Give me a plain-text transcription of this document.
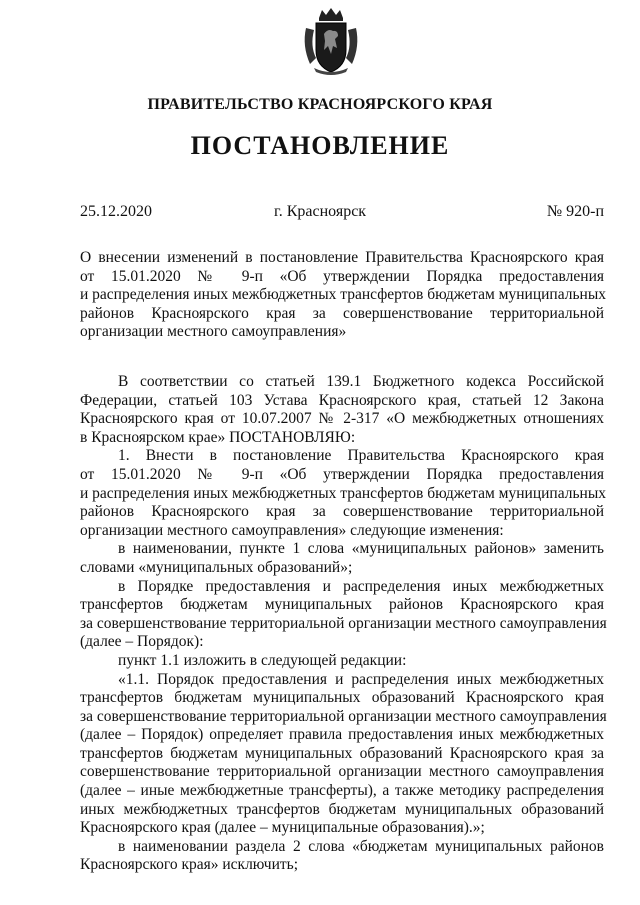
ПРАВИТЕЛЬСТВО КРАСНОЯРСКОГО КРАЯ
ПОСТАНОВЛЕНИЕ
25.12.2020	г. Красноярск	№ 920-п
О внесении изменений в постановление Правительства Красноярского края
от 15.01.2020 № 9-п «Об утверждении Порядка предоставления
и распределения иных межбюджетных трансфертов бюджетам муниципальных
районов Красноярского края за совершенствование территориальной
организации местного самоуправления»
В соответствии со статьей 139.1 Бюджетного кодекса Российской
Федерации, статьей 103 Устава Красноярского края, статьей 12 Закона
Красноярского края от 10.07.2007 № 2-317 «О межбюджетных отношениях
в Красноярском крае» ПОСТАНОВЛЯЮ:
1. Внести в постановление Правительства Красноярского края
от 15.01.2020 № 9-п «Об утверждении Порядка предоставления
и распределения иных межбюджетных трансфертов бюджетам муниципальных
районов Красноярского края за совершенствование территориальной
организации местного самоуправления» следующие изменения:
в наименовании, пункте 1 слова «муниципальных районов» заменить
словами «муниципальных образований»;
в Порядке предоставления и распределения иных межбюджетных
трансфертов бюджетам муниципальных районов Красноярского края
за совершенствование территориальной организации местного самоуправления
(далее – Порядок):
пункт 1.1 изложить в следующей редакции:
«1.1. Порядок предоставления и распределения иных межбюджетных
трансфертов бюджетам муниципальных образований Красноярского края
за совершенствование территориальной организации местного самоуправления
(далее – Порядок) определяет правила предоставления иных межбюджетных
трансфертов бюджетам муниципальных образований Красноярского края за
совершенствование территориальной организации местного самоуправления
(далее – иные межбюджетные трансферты), а также методику распределения
иных межбюджетных трансфертов бюджетам муниципальных образований
Красноярского края (далее – муниципальные образования).»;
в наименовании раздела 2 слова «бюджетам муниципальных районов
Красноярского края» исключить;
